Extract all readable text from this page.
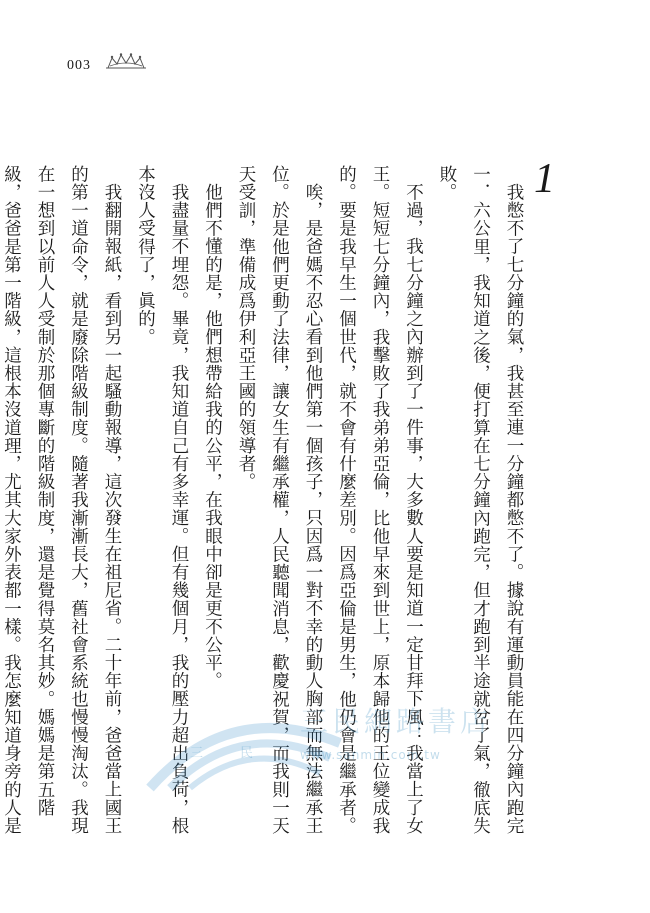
003
1

我憋不了七分鐘的氣，我甚至連一分鐘都憋不了。據說有運動員能在四分鐘內跑完一．六公里，我知道之後，便打算在七分鐘內跑完，但才跑到半途就岔了氣，徹底失敗。

不過，我七分鐘之內辦到了一件事，大多數人要是知道一定甘拜下風：我當上了女王。短短七分鐘內，我擊敗了我弟弟亞倫，比他早來到世上，原本歸他的王位變成我的。要是我早生一個世代，就不會有什麼差別。因爲亞倫是男生，他仍會是繼承者。

唉，是爸媽不忍心看到他們第一個孩子，只因爲一對不幸的動人胸部而無法繼承王位。於是他們更動了法律，讓女生有繼承權，人民聽聞消息，歡慶祝賀，而我則一天天受訓，準備成爲伊利亞王國的領導者。

他們不懂的是，他們想帶給我的公平，在我眼中卻是更不公平。

我盡量不埋怨。畢竟，我知道自己有多幸運。但有幾個月，我的壓力超出負荷，根本沒人受得了，眞的。

我翻開報紙，看到另一起騷動報導，這次發生在祖尼省。二十年前，爸爸當上國王的第一道命令，就是廢除階級制度。隨著我漸漸長大，舊社會系統也慢慢淘汰。我現在一想到以前人人受制於那個專斷的階級制度，還是覺得莫名其妙。媽媽是第五階級，爸爸是第一階級，這根本沒道理，尤其大家外表都一樣。我怎麼知道身旁的人是

三	民
三民網路書店
www.sanmin.com.tw
